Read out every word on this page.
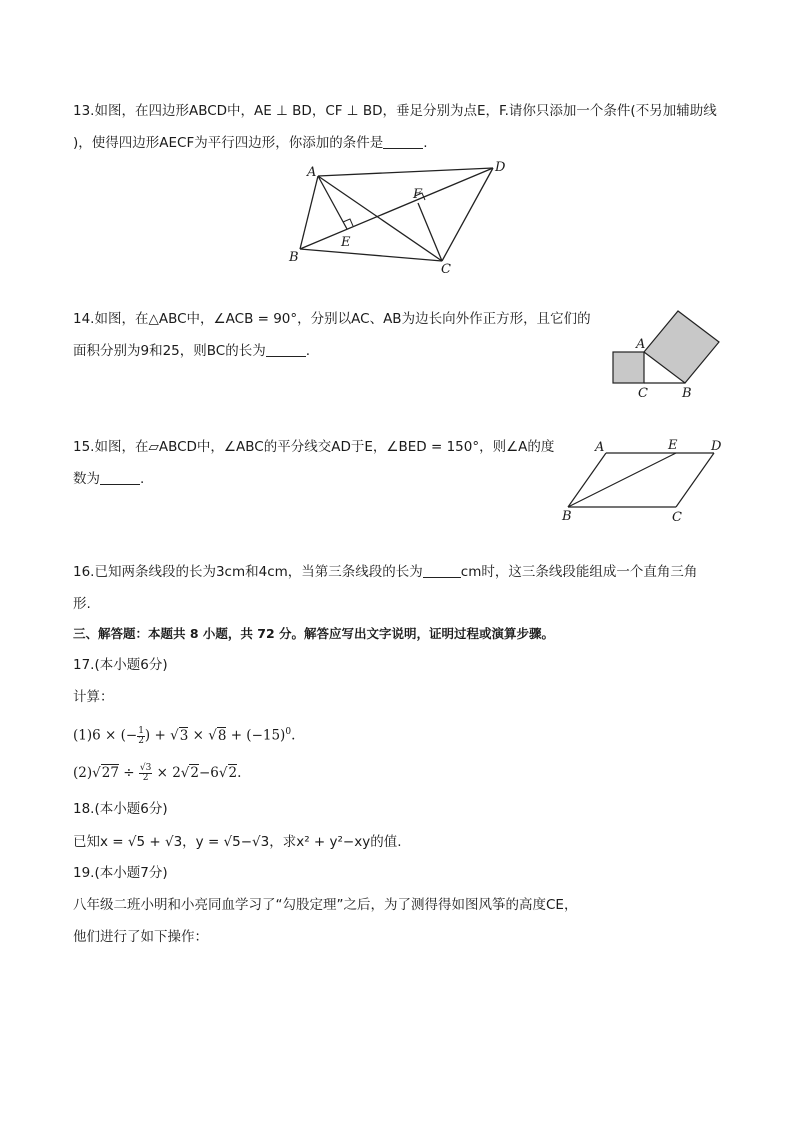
13.如图，在四边形ABCD中，AE ⊥ BD，CF ⊥ BD，垂足分别为点E，F.请你只添加一个条件(不另加辅助线
)，使得四边形AECF为平行四边形，你添加的条件是	.
A	D
B
C
E
F
14.如图，在△ABC中，∠ACB = 90°，分别以AC、AB为边长向外作正方形，且它们的
面积分别为9和25，则BC的长为	.	A
C	B
15.如图，在▱ABCD中，∠ABC的平分线交AD于E，∠BED = 150°，则∠A的度
数为	.
A	E	D
B	C
16.已知两条线段的长为3cm和4cm，当第三条线段的长为	cm时，这三条线段能组成一个直角三角
形.
三、解答题：本题共 8 小题，共 72 分。解答应写出文字说明，证明过程或演算步骤。
17.(本小题6分)
计算：
(1)6 × (− $\frac{1}{2}$ ) + $√3 \times √8 + (-15)^0$.
$(2)√27 \div \frac{√3}{2} \times 2√2-6√2$.
18.(本小题6分)
已知x = √5 + √3，y = √5−√3，求x² + y²−xy的值.
19.(本小题7分)
八年级二班小明和小亮同血学习了“勾股定理”之后，为了测得得如图风筝的高度CE，
他们进行了如下操作：
